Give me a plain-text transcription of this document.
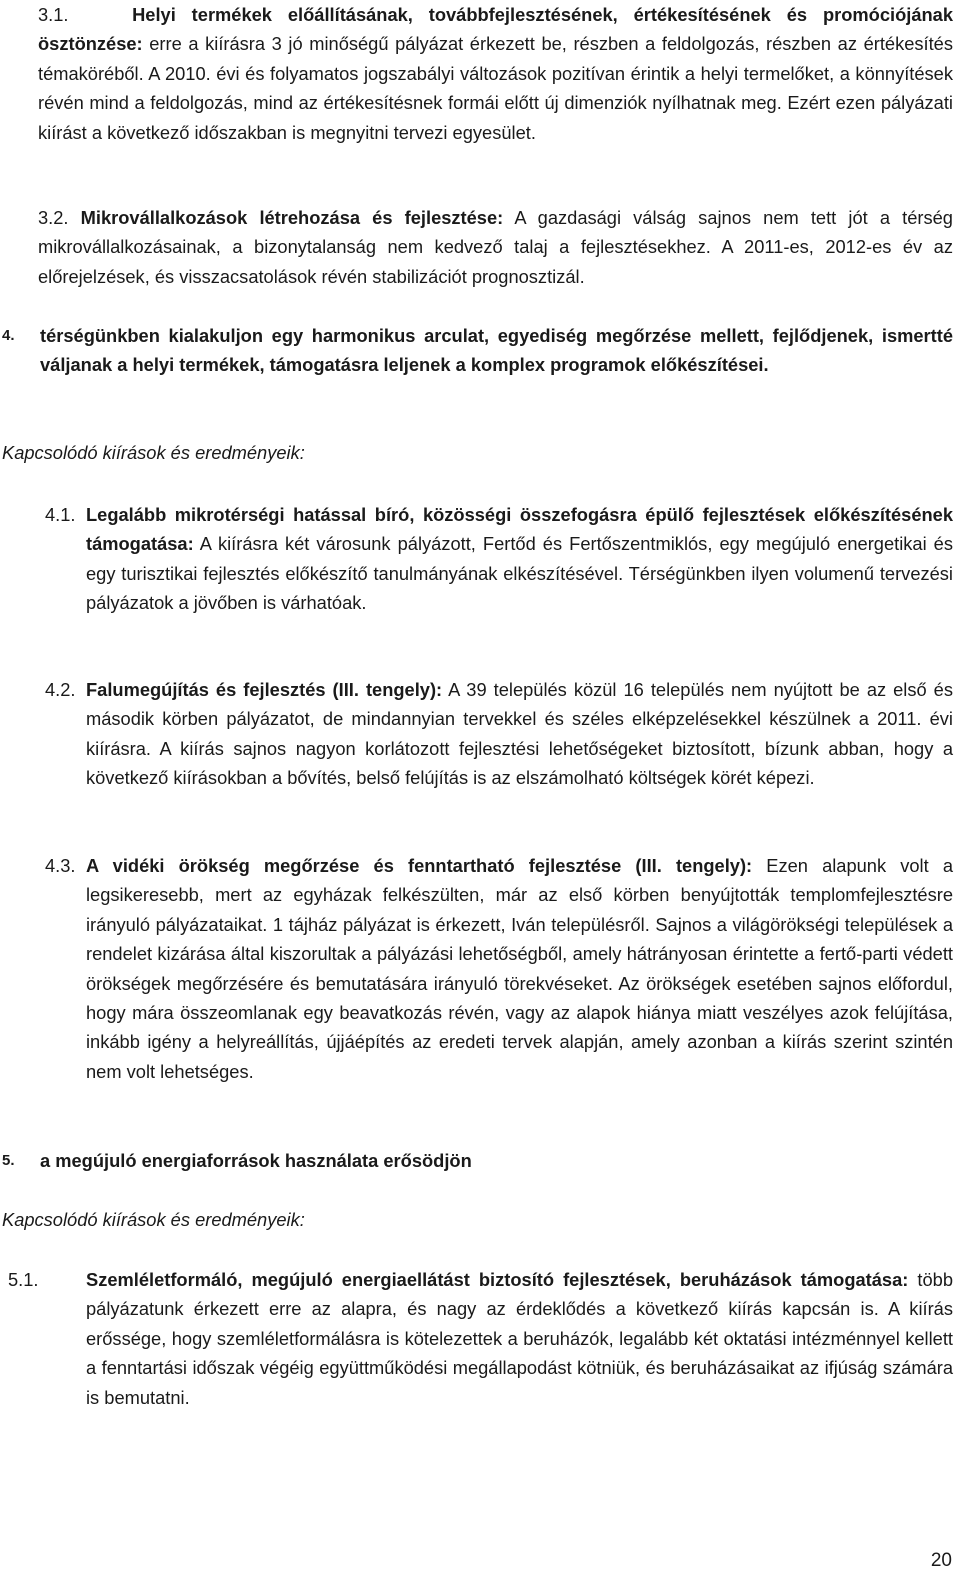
3.1.	Helyi termékek előállításának, továbbfejlesztésének, értékesítésének és promóciójának ösztönzése: erre a kiírásra 3 jó minőségű pályázat érkezett be, részben a feldolgozás, részben az értékesítés témaköréből. A 2010. évi és folyamatos jogszabályi változások pozitívan érintik a helyi termelőket, a könnyítések révén mind a feldolgozás, mind az értékesítésnek formái előtt új dimenziók nyílhatnak meg. Ezért ezen pályázati kiírást a következő időszakban is megnyitni tervezi egyesület.
3.2. Mikrovállalkozások létrehozása és fejlesztése: A gazdasági válság sajnos nem tett jót a térség mikrovállalkozásainak, a bizonytalanság nem kedvező talaj a fejlesztésekhez. A 2011-es, 2012-es év az előrejelzések, és visszacsatolások révén stabilizációt prognosztizál.
4. térségünkben kialakuljon egy harmonikus arculat, egyediség megőrzése mellett, fejlődjenek, ismertté váljanak a helyi termékek, támogatásra leljenek a komplex programok előkészítései.
Kapcsolódó kiírások és eredményeik:
4.1. Legalább mikrotérségi hatással bíró, közösségi összefogásra épülő fejlesztések előkészítésének támogatása: A kiírásra két városunk pályázott, Fertőd és Fertőszentmiklós, egy megújuló energetikai és egy turisztikai fejlesztés előkészítő tanulmányának elkészítésével. Térségünkben ilyen volumenű tervezési pályázatok a jövőben is várhatóak.
4.2. Falumegújítás és fejlesztés (III. tengely): A 39 település közül 16 település nem nyújtott be az első és második körben pályázatot, de mindannyian tervekkel és széles elképzelésekkel készülnek a 2011. évi kiírásra. A kiírás sajnos nagyon korlátozott fejlesztési lehetőségeket biztosított, bízunk abban, hogy a következő kiírásokban a bővítés, belső felújítás is az elszámolható költségek körét képezi.
4.3. A vidéki örökség megőrzése és fenntartható fejlesztése (III. tengely): Ezen alapunk volt a legsikeresebb, mert az egyházak felkészülten, már az első körben benyújtották templomfejlesztésre irányuló pályázataikat. 1 tájház pályázat is érkezett, Iván településről. Sajnos a világörökségi települések a rendelet kizárása által kiszorultak a pályázási lehetőségből, amely hátrányosan érintette a fertő-parti védett örökségek megőrzésére és bemutatására irányuló törekvéseket. Az örökségek esetében sajnos előfordul, hogy mára összeomlanak egy beavatkozás révén, vagy az alapok hiánya miatt veszélyes azok felújítása, inkább igény a helyreállítás, újjáépítés az eredeti tervek alapján, amely azonban a kiírás szerint szintén nem volt lehetséges.
5. a megújuló energiaforrások használata erősödjön
Kapcsolódó kiírások és eredményeik:
5.1.	Szemléletformáló, megújuló energiaellátást biztosító fejlesztések, beruházások támogatása: több pályázatunk érkezett erre az alapra, és nagy az érdeklődés a következő kiírás kapcsán is. A kiírás erőssége, hogy szemléletformálásra is kötelezettek a beruházók, legalább két oktatási intézménnyel kellett a fenntartási időszak végéig együttműködési megállapodást kötniük, és beruházásaikat az ifjúság számára is bemutatni.
20
